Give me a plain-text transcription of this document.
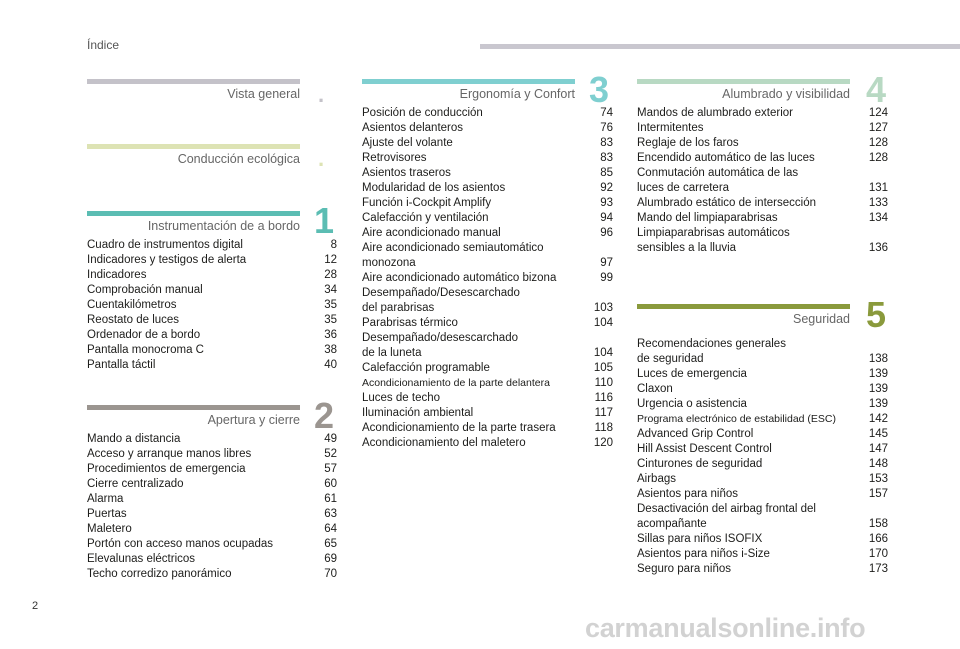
Índice
Vista general .
Conducción ecológica .
Instrumentación de a bordo
Cuadro de instrumentos digital	8
Indicadores y testigos de alerta	12
Indicadores	28
Comprobación manual	34
Cuentakilómetros	35
Reostato de luces	35
Ordenador de a bordo	36
Pantalla monocroma C	38
Pantalla táctil	40
1
Apertura y cierre
Mando a distancia	49
Acceso y arranque manos libres	52
Procedimientos de emergencia	57
Cierre centralizado	60
Alarma	61
Puertas	63
Maletero	64
Portón con acceso manos ocupadas	65
Elevalunas eléctricos	69
Techo corredizo panorámico	70
2
Ergonomía y Confort
Posición de conducción	74
Asientos delanteros	76
Ajuste del volante	83
Retrovisores	83
Asientos traseros	85
Modularidad de los asientos	92
Función i-Cockpit Amplify	93
Calefacción y ventilación	94
Aire acondicionado manual	96
Aire acondicionado semiautomático
monozona	97
Aire acondicionado automático bizona	99
Desempañado/Desescarchado
del parabrisas	103
Parabrisas térmico	104
Desempañado/desescarchado
de la luneta	104
Calefacción programable	105
Acondicionamiento de la parte delantera	110
Luces de techo	116
Iluminación ambiental	117
Acondicionamiento de la parte trasera	118
Acondicionamiento del maletero	120
3	Alumbrado y visibilidad
Mandos de alumbrado exterior	124
Intermitentes	127
Reglaje de los faros	128
Encendido automático de las luces	128
Conmutación automática de las
luces de carretera	131
Alumbrado estático de intersección	133
Mando del limpiaparabrisas	134
Limpiaparabrisas automáticos
sensibles a la lluvia	136
4
Seguridad
Recomendaciones generales
de seguridad	138
Luces de emergencia	139
Claxon	139
Urgencia o asistencia	139
Programa electrónico de estabilidad (ESC)	142
Advanced Grip Control	145
Hill Assist Descent Control	147
Cinturones de seguridad	148
Airbags	153
Asientos para niños	157
Desactivación del airbag frontal del
acompañante	158
Sillas para niños ISOFIX	166
Asientos para niños i-Size	170
Seguro para niños	173
5
2
carmanualsonline.info
